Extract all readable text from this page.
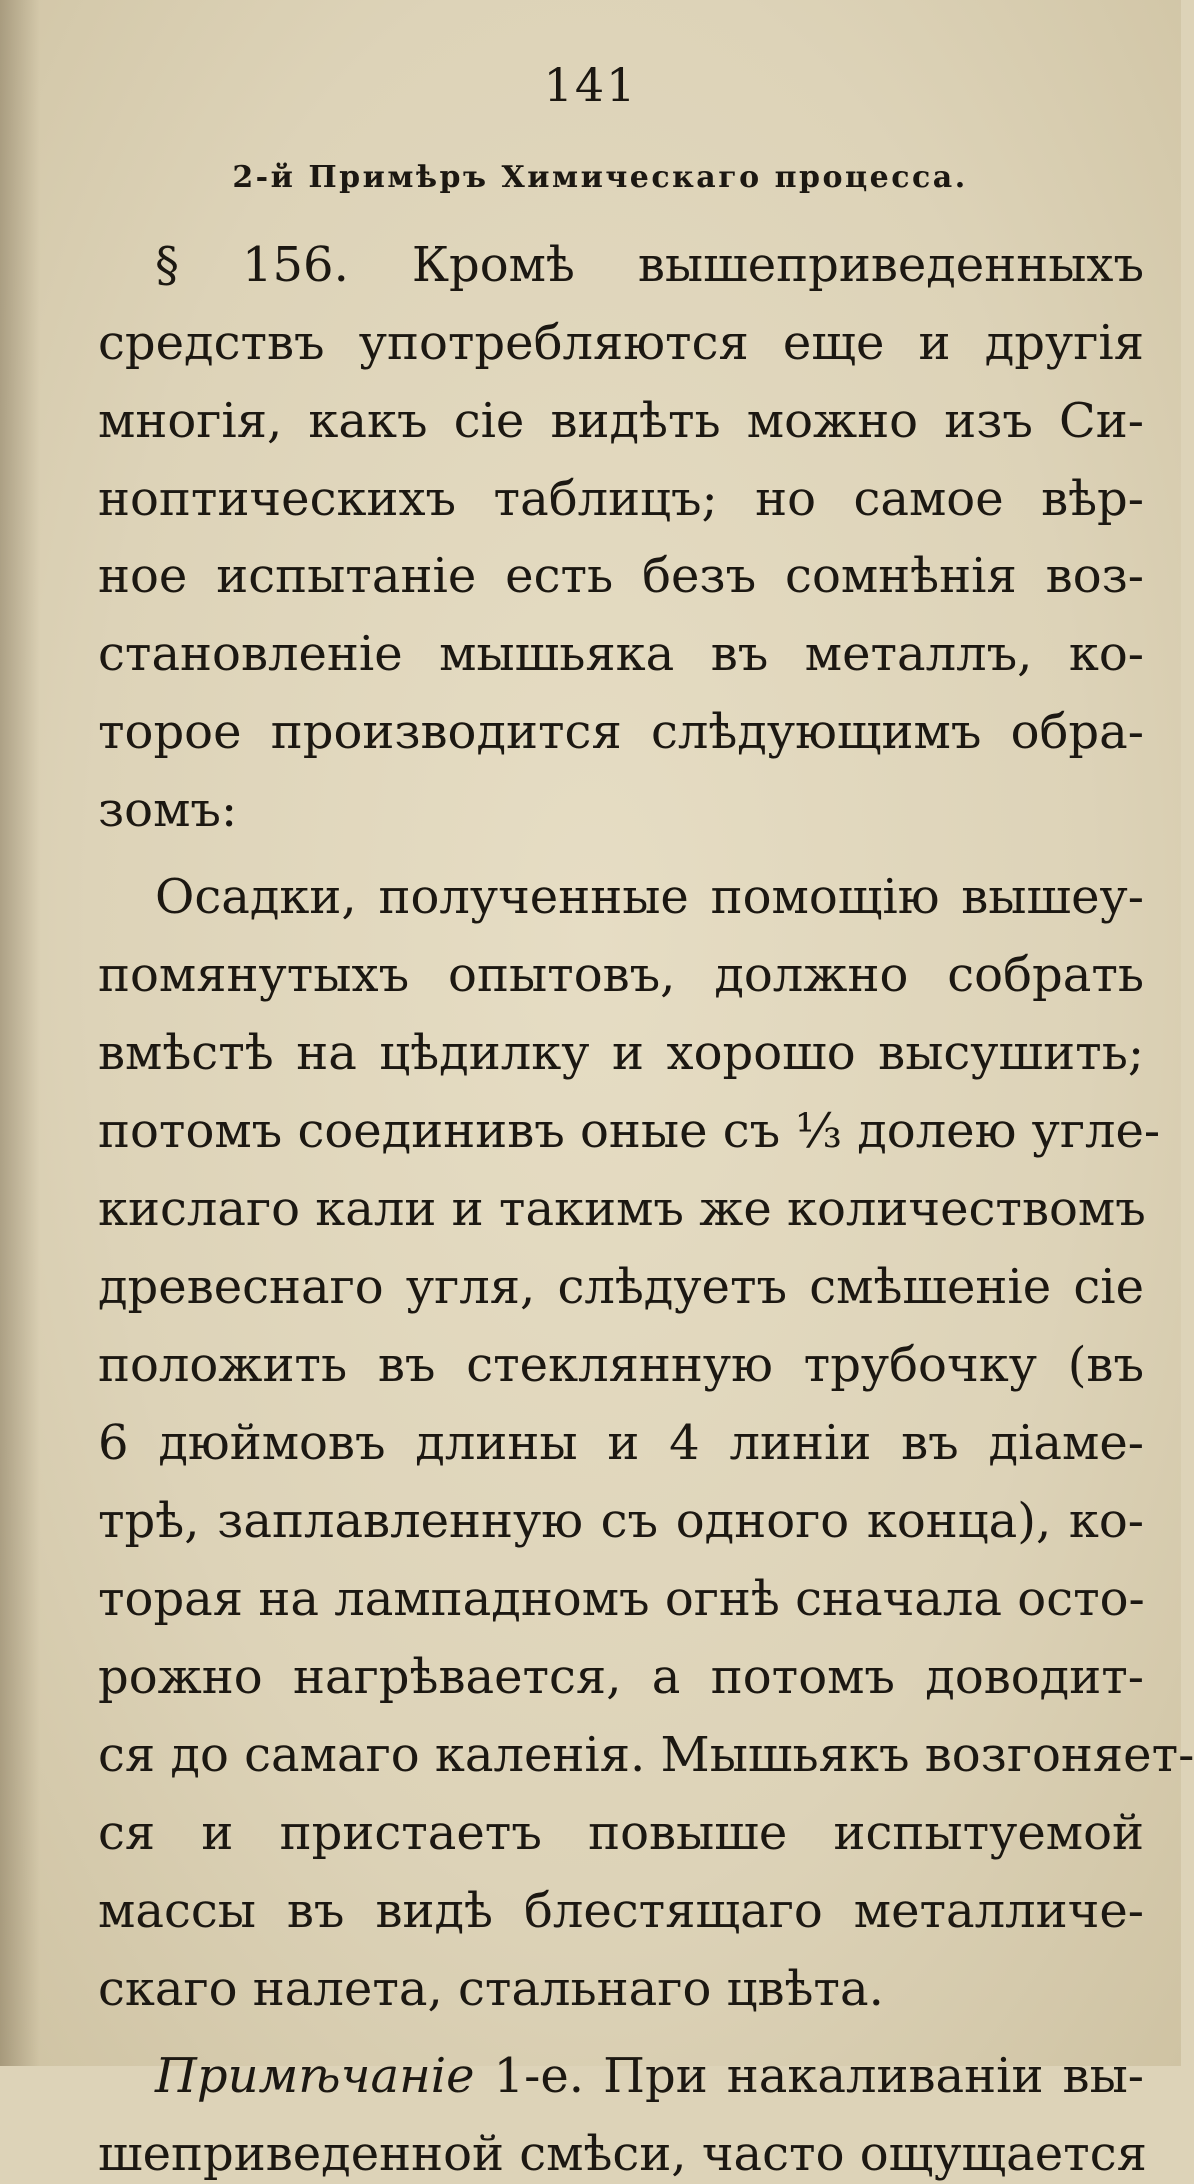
141
2-й Примѣръ Химическаго процесса.
§ 156. Кромѣ вышеприведенныхъ
средствъ употребляются еще и другія
многія, какъ сіе видѣть можно изъ Си-
ноптическихъ таблицъ; но самое вѣр-
ное испытаніе есть безъ сомнѣнія воз-
становленіе мышьяка въ металлъ, ко-
торое производится слѣдующимъ обра-
зомъ:
Осадки, полученные помощію вышеу-
помянутыхъ опытовъ, должно собрать
вмѣстѣ на цѣдилку и хорошо высушить;
потомъ соединивъ оные съ ⅓ долею угле-
кислаго кали и такимъ же количествомъ
древеснаго угля, слѣдуетъ смѣшеніе сіе
положить въ стеклянную трубочку (въ
6 дюймовъ длины и 4 линіи въ діаме-
трѣ, заплавленную съ одного конца), ко-
торая на лампадномъ огнѣ сначала осто-
рожно нагрѣвается, а потомъ доводит-
ся до самаго каленія. Мышьякъ возгоняет-
ся и пристаетъ повыше испытуемой
массы въ видѣ блестящаго металличе-
скаго налета, стальнаго цвѣта.
Примѣчаніе 1-е. При накаливаніи вы-
шеприведенной смѣси, часто ощущается
